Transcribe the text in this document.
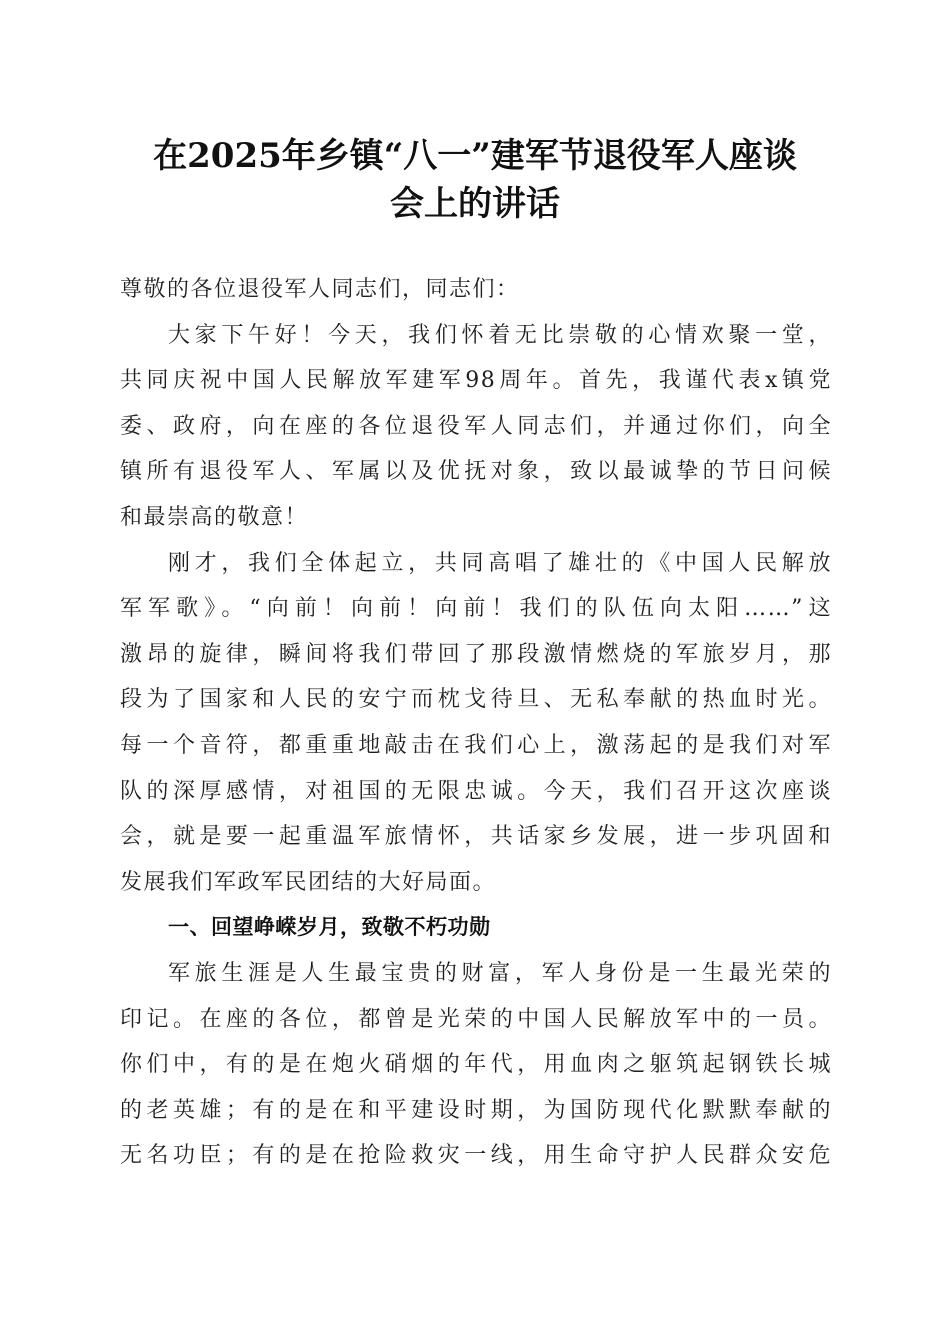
在2025年乡镇“八一”建军节退役军人座谈
会上的讲话
尊敬的各位退役军人同志们，同志们：
大家下午好！今天，我们怀着无比崇敬的心情欢聚一堂，
共同庆祝中国人民解放军建军98周年。首先，我谨代表x镇党
委、政府，向在座的各位退役军人同志们，并通过你们，向全
镇所有退役军人、军属以及优抚对象，致以最诚挚的节日问候
和最崇高的敬意！
刚才，我们全体起立，共同高唱了雄壮的《中国人民解放
军军歌》。“向前！向前！向前！我们的队伍向太阳……”这
激昂的旋律，瞬间将我们带回了那段激情燃烧的军旅岁月，那
段为了国家和人民的安宁而枕戈待旦、无私奉献的热血时光。
每一个音符，都重重地敲击在我们心上，激荡起的是我们对军
队的深厚感情，对祖国的无限忠诚。今天，我们召开这次座谈
会，就是要一起重温军旅情怀，共话家乡发展，进一步巩固和
发展我们军政军民团结的大好局面。
一、回望峥嵘岁月，致敬不朽功勋
军旅生涯是人生最宝贵的财富，军人身份是一生最光荣的
印记。在座的各位，都曾是光荣的中国人民解放军中的一员。
你们中，有的是在炮火硝烟的年代，用血肉之躯筑起钢铁长城
的老英雄；有的是在和平建设时期，为国防现代化默默奉献的
无名功臣；有的是在抢险救灾一线，用生命守护人民群众安危
